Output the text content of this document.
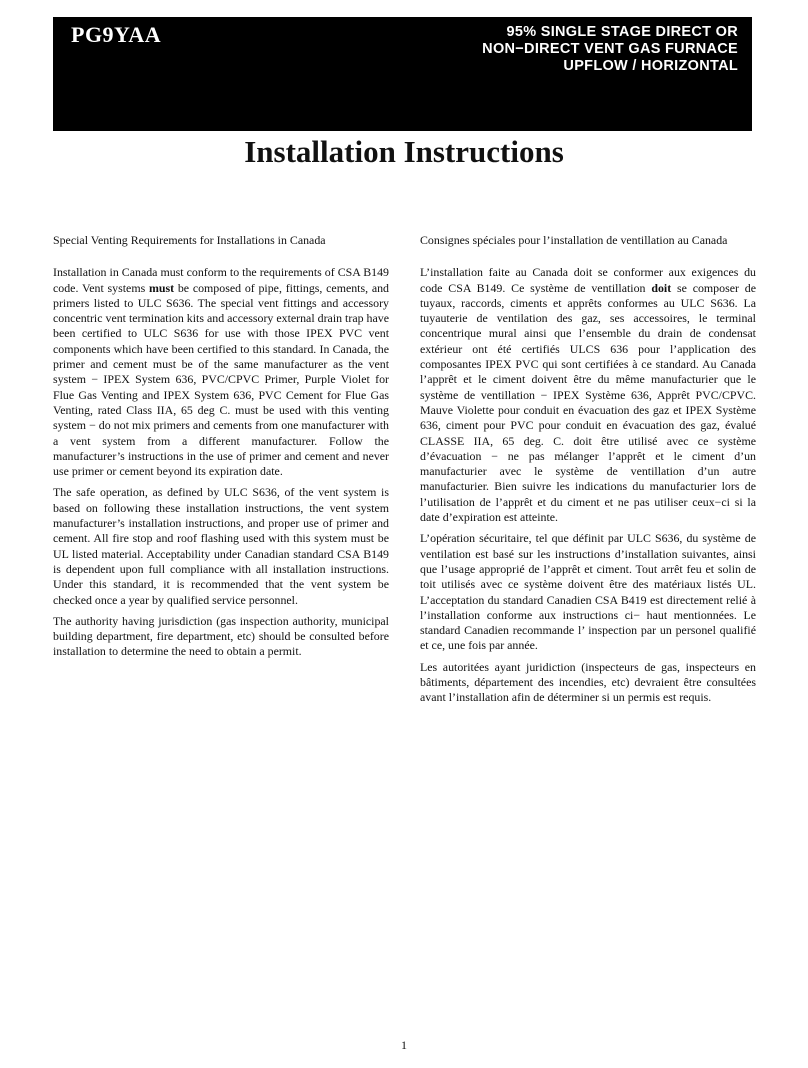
PG9YAA	95% SINGLE STAGE DIRECT OR
NON−DIRECT VENT GAS FURNACE
UPFLOW / HORIZONTAL
Installation Instructions
Special Venting Requirements for Installations in Canada

Installation in Canada must conform to the requirements of CSA B149 code. Vent systems must be composed of pipe, fittings, cements, and primers listed to ULC S636. The special vent fittings and accessory concentric vent termination kits and accessory external drain trap have been certified to ULC S636 for use with those IPEX PVC vent components which have been certified to this standard. In Canada, the primer and cement must be of the same manufacturer as the vent system − IPEX System 636, PVC/CPVC Primer, Purple Violet for Flue Gas Venting and IPEX System 636, PVC Cement for Flue Gas Venting, rated Class IIA, 65 deg C. must be used with this venting system − do not mix primers and cements from one manufacturer with a vent system from a different manufacturer. Follow the manufacturer’s instructions in the use of primer and cement and never use primer or cement beyond its expiration date.

The safe operation, as defined by ULC S636, of the vent system is based on following these installation instructions, the vent system manufacturer’s installation instructions, and proper use of primer and cement. All fire stop and roof flashing used with this system must be UL listed material. Acceptability under Canadian standard CSA B149 is dependent upon full compliance with all installation instructions. Under this standard, it is recommended that the vent system be checked once a year by qualified service personnel.

The authority having jurisdiction (gas inspection authority, municipal building department, fire department, etc) should be consulted before installation to determine the need to obtain a permit.

Consignes spéciales pour l’installation de ventillation au Canada

L’installation faite au Canada doit se conformer aux exigences du code CSA B149. Ce système de ventillation doit se composer de tuyaux, raccords, ciments et apprêts conformes au ULC S636. La tuyauterie de ventilation des gaz, ses accessoires, le terminal concentrique mural ainsi que l’ensemble du drain de condensat extérieur ont été certifiés ULCS 636 pour l’application des composantes IPEX PVC qui sont certifiées à ce standard. Au Canada l’apprêt et le ciment doivent être du même manufacturier que le système de ventillation − IPEX Système 636, Apprêt PVC/CPVC. Mauve Violette pour conduit en évacuation des gaz et IPEX Système 636, ciment pour PVC pour conduit en évacuation des gaz, évalué CLASSE IIA, 65 deg. C. doit être utilisé avec ce système d’évacuation − ne pas mélanger l’apprêt et le ciment d’un manufacturier avec le système de ventillation d’un autre manufacturier. Bien suivre les indications du manufacturier lors de l’utilisation de l’apprêt et du ciment et ne pas utiliser ceux−ci si la date d’expiration est atteinte.

L’opération sécuritaire, tel que définit par ULC S636, du système de ventilation est basé sur les instructions d’installation suivantes, ainsi que l’usage approprié de l’apprêt et ciment. Tout arrêt feu et solin de toit utilisés avec ce système doivent être des matériaux listés UL. L’acceptation du standard Canadien CSA B419 est directement relié à l’installation conforme aux instructions ci− haut mentionnées. Le standard Canadien recommande l’ inspection par un personel qualifié et ce, une fois par année.

Les autoritées ayant juridiction (inspecteurs de gas, inspecteurs en bâtiments, département des incendies, etc) devraient être consultées avant l’installation afin de déterminer si un permis est requis.

1
